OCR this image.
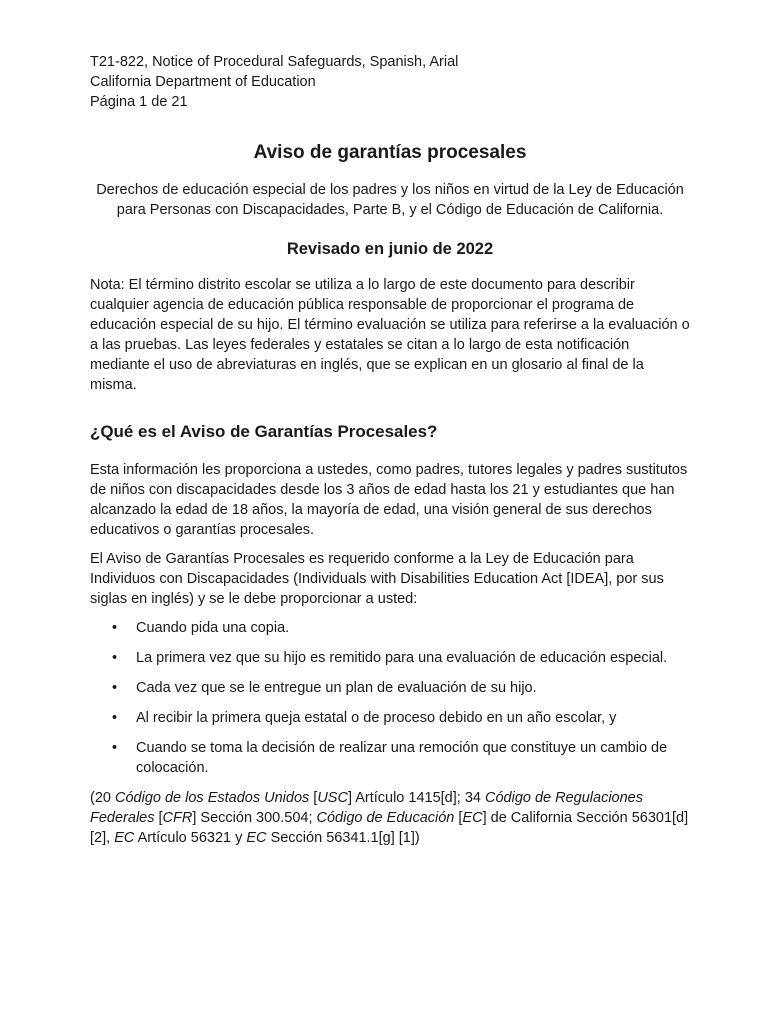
T21-822, Notice of Procedural Safeguards, Spanish, Arial

California Department of Education

Página 1 de 21

Aviso de garantías procesales

Derechos de educación especial de los padres y los niños en virtud de la Ley de Educación para Personas con Discapacidades, Parte B, y el Código de Educación de California.

Revisado en junio de 2022

Nota: El término distrito escolar se utiliza a lo largo de este documento para describir cualquier agencia de educación pública responsable de proporcionar el programa de educación especial de su hijo. El término evaluación se utiliza para referirse a la evaluación o a las pruebas. Las leyes federales y estatales se citan a lo largo de esta notificación mediante el uso de abreviaturas en inglés, que se explican en un glosario al final de la misma.

¿Qué es el Aviso de Garantías Procesales?

Esta información les proporciona a ustedes, como padres, tutores legales y padres sustitutos de niños con discapacidades desde los 3 años de edad hasta los 21 y estudiantes que han alcanzado la edad de 18 años, la mayoría de edad, una visión general de sus derechos educativos o garantías procesales.

El Aviso de Garantías Procesales es requerido conforme a la Ley de Educación para Individuos con Discapacidades (Individuals with Disabilities Education Act [IDEA], por sus siglas en inglés) y se le debe proporcionar a usted:

• Cuando pida una copia.
• La primera vez que su hijo es remitido para una evaluación de educación especial.
• Cada vez que se le entregue un plan de evaluación de su hijo.
• Al recibir la primera queja estatal o de proceso debido en un año escolar, y
• Cuando se toma la decisión de realizar una remoción que constituye un cambio de colocación.

(20 Código de los Estados Unidos [USC] Artículo 1415[d]; 34 Código de Regulaciones Federales [CFR] Sección 300.504; Código de Educación [EC] de California Sección 56301[d] [2], EC Artículo 56321 y EC Sección 56341.1[g] [1])
